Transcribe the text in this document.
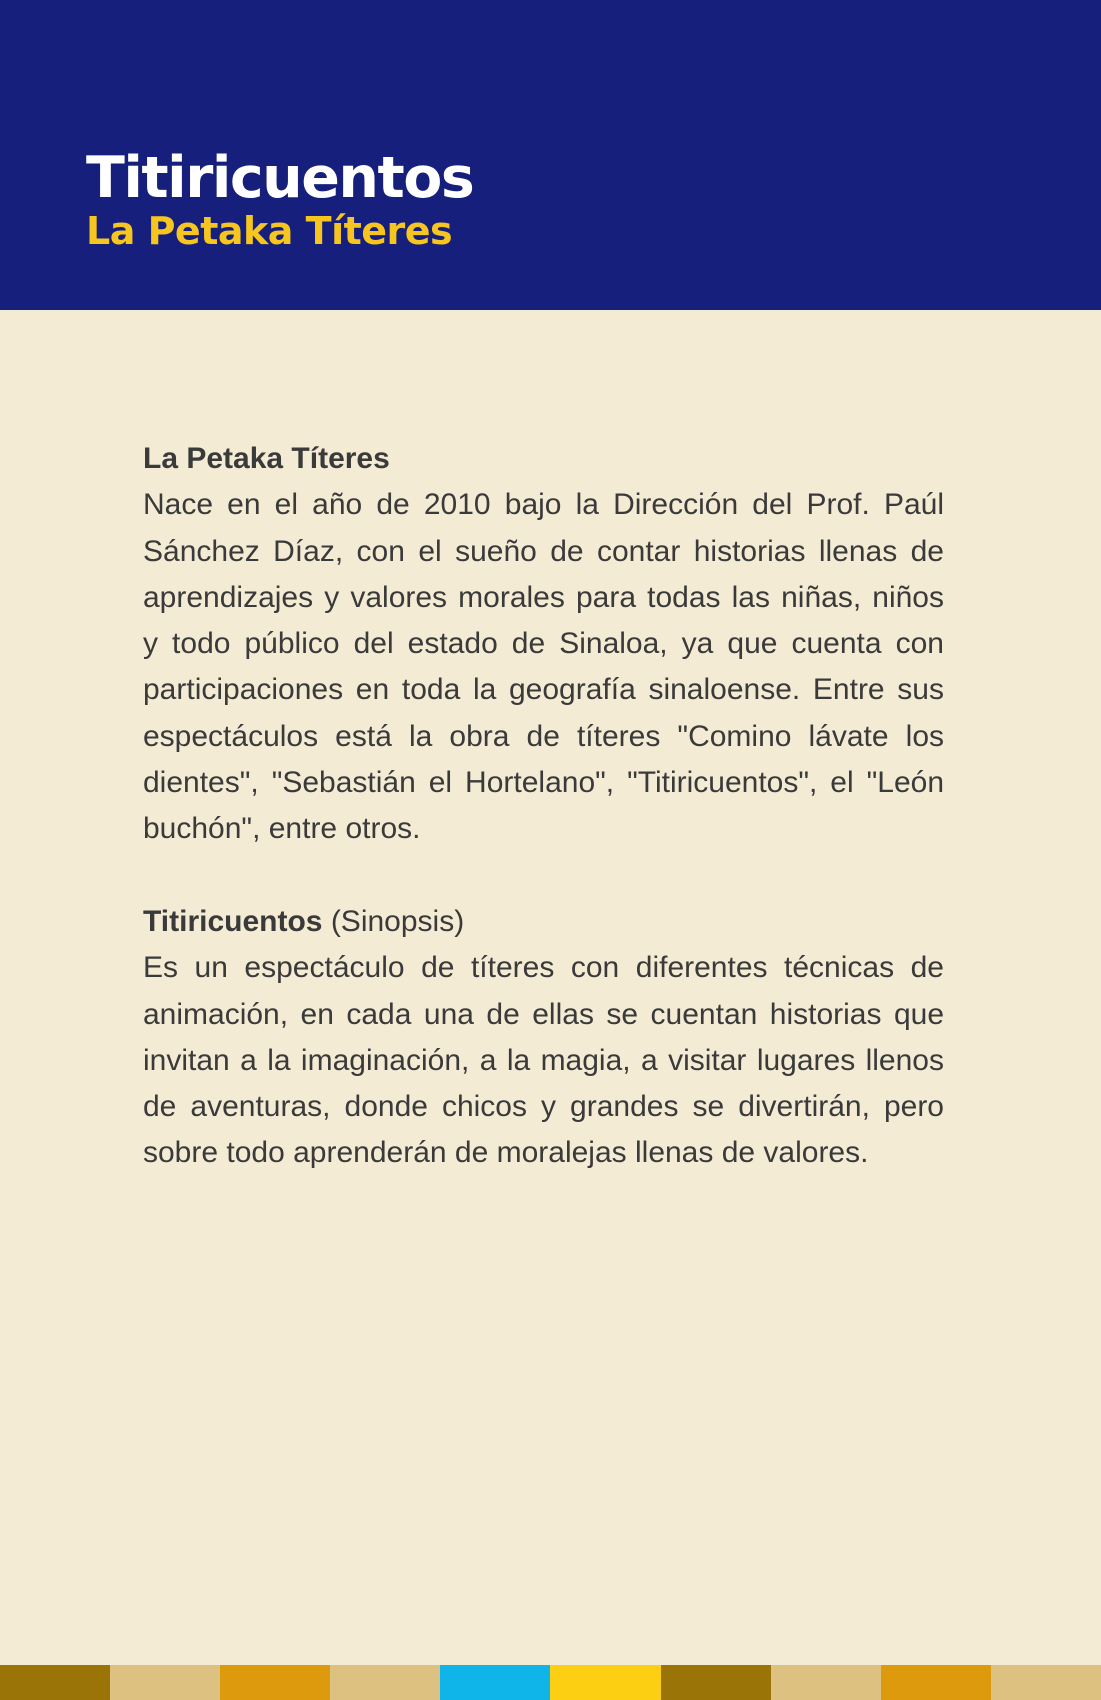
Titiricuentos
La Petaka Títeres

La Petaka Títeres

Nace en el año de 2010 bajo la Dirección del Prof. Paúl Sánchez Díaz, con el sueño de contar historias llenas de aprendizajes y valores morales para todas las niñas, niños y todo público del estado de Sinaloa, ya que cuenta con participaciones en toda la geografía sinaloense. Entre sus espectáculos está la obra de títeres "Comino lávate los dientes", "Sebastián el Hortelano", "Titiricuentos", el "León buchón", entre otros.

Titiricuentos (Sinopsis)

Es un espectáculo de títeres con diferentes técnicas de animación, en cada una de ellas se cuentan historias que invitan a la imaginación, a la magia, a visitar lugares llenos de aventuras, donde chicos y grandes se divertirán, pero sobre todo aprenderán de moralejas llenas de valores.
